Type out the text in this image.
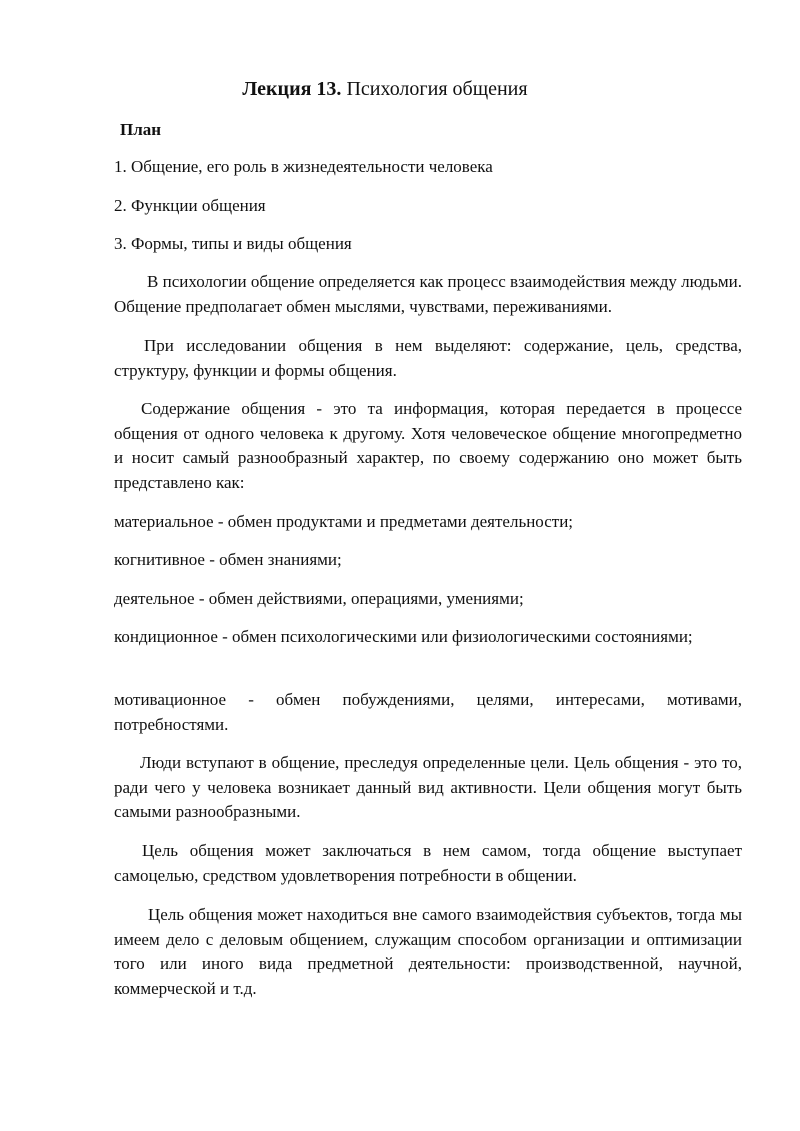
Лекция 13. Психология общения
План
1. Общение, его роль в жизнедеятельности человека
2. Функции общения
3. Формы, типы и виды общения
В психологии общение определяется как процесс взаимодействия между людьми. Общение предполагает обмен мыслями, чувствами, переживаниями.
При исследовании общения в нем выделяют: содержание, цель, средства, структуру, функции и формы общения.
Содержание общения - это та информация, которая передается в процессе общения от одного человека к другому. Хотя человеческое общение многопредметно и носит самый разнообразный характер, по своему содержанию оно может быть представлено как:
материальное - обмен продуктами и предметами деятельности;
когнитивное - обмен знаниями;
деятельное - обмен действиями, операциями, умениями;
кондиционное - обмен психологическими или физиологическими состояниями;
мотивационное - обмен побуждениями, целями, интересами, мотивами, потребностями.
Люди вступают в общение, преследуя определенные цели. Цель общения - это то, ради чего у человека возникает данный вид активности. Цели общения могут быть самыми разнообразными.
Цель общения может заключаться в нем самом, тогда общение выступает самоцелью, средством удовлетворения потребности в общении.
Цель общения может находиться вне самого взаимодействия субъектов, тогда мы имеем дело с деловым общением, служащим способом организации и оптимизации того или иного вида предметной деятельности: производственной, научной, коммерческой и т.д.
